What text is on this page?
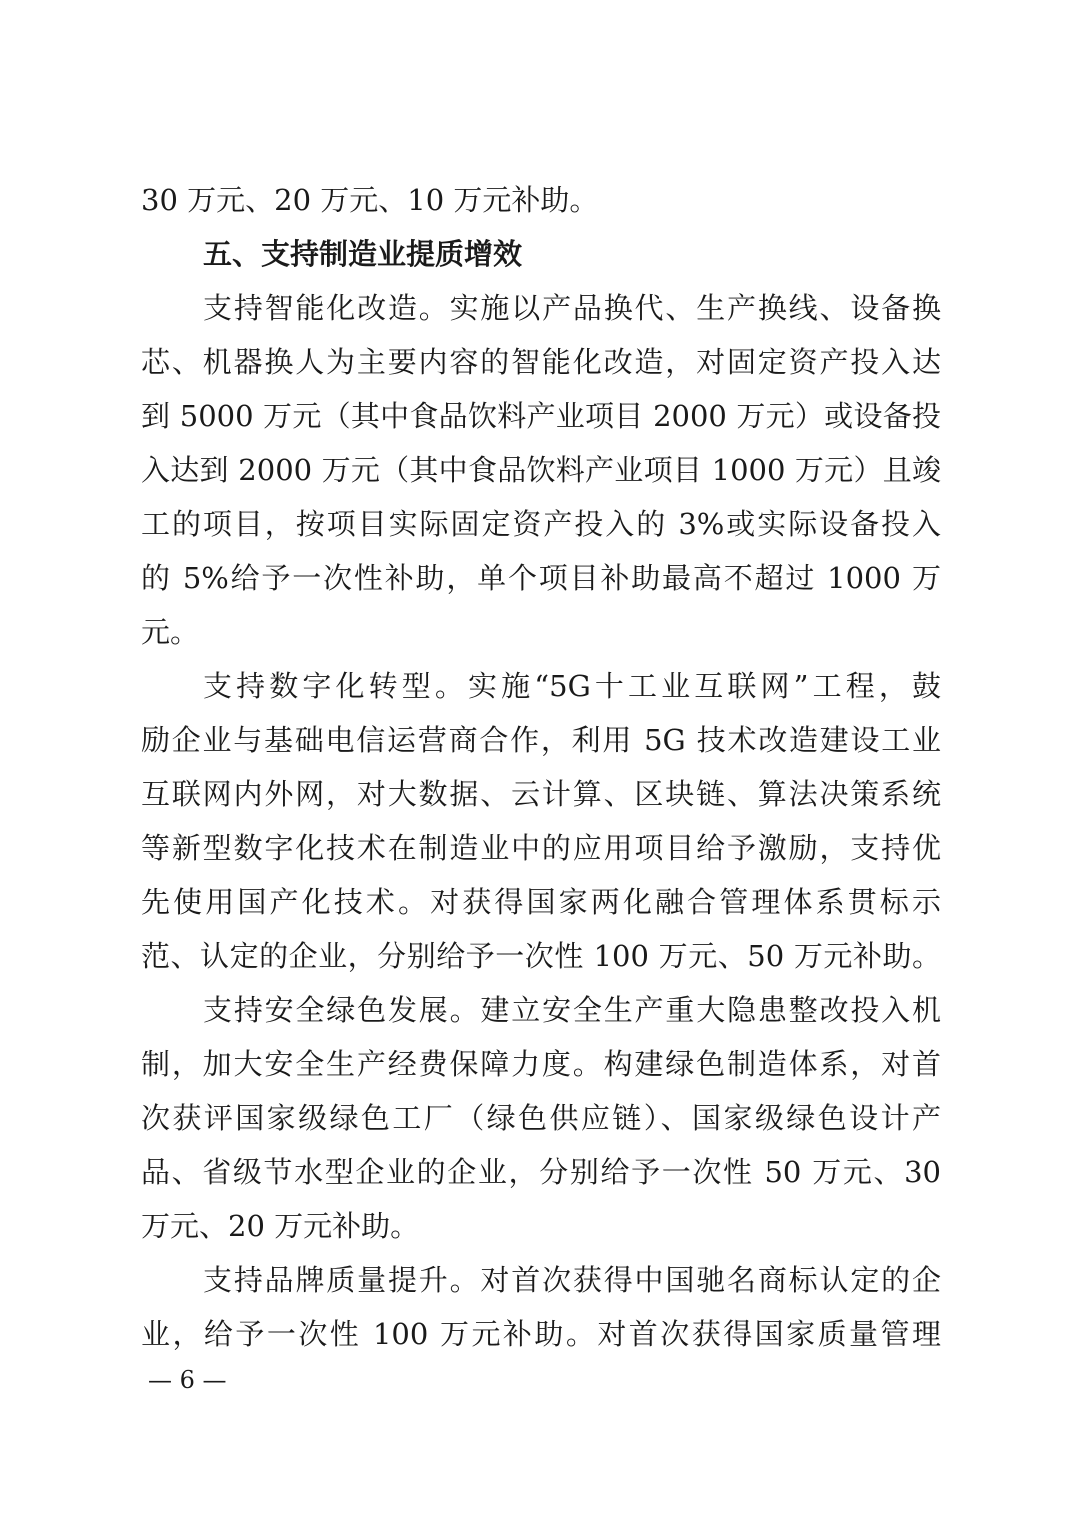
30 万元、20 万元、10 万元补助。
五、支持制造业提质增效
支持智能化改造。实施以产品换代、生产换线、设备换
芯、机器换人为主要内容的智能化改造，对固定资产投入达
到 5000 万元（其中食品饮料产业项目 2000 万元）或设备投
入达到 2000 万元（其中食品饮料产业项目 1000 万元）且竣
工的项目，按项目实际固定资产投入的 3%或实际设备投入
的 5%给予一次性补助，单个项目补助最高不超过 1000 万
元。
支持数字化转型。实施“5G十工业互联网”工程，鼓
励企业与基础电信运营商合作，利用 5G 技术改造建设工业
互联网内外网，对大数据、云计算、区块链、算法决策系统
等新型数字化技术在制造业中的应用项目给予激励，支持优
先使用国产化技术。对获得国家两化融合管理体系贯标示
范、认定的企业，分别给予一次性 100 万元、50 万元补助。
支持安全绿色发展。建立安全生产重大隐患整改投入机
制，加大安全生产经费保障力度。构建绿色制造体系，对首
次获评国家级绿色工厂（绿色供应链）、国家级绿色设计产
品、省级节水型企业的企业，分别给予一次性 50 万元、30
万元、20 万元补助。
支持品牌质量提升。对首次获得中国驰名商标认定的企
业，给予一次性 100 万元补助。对首次获得国家质量管理
— 6 —
